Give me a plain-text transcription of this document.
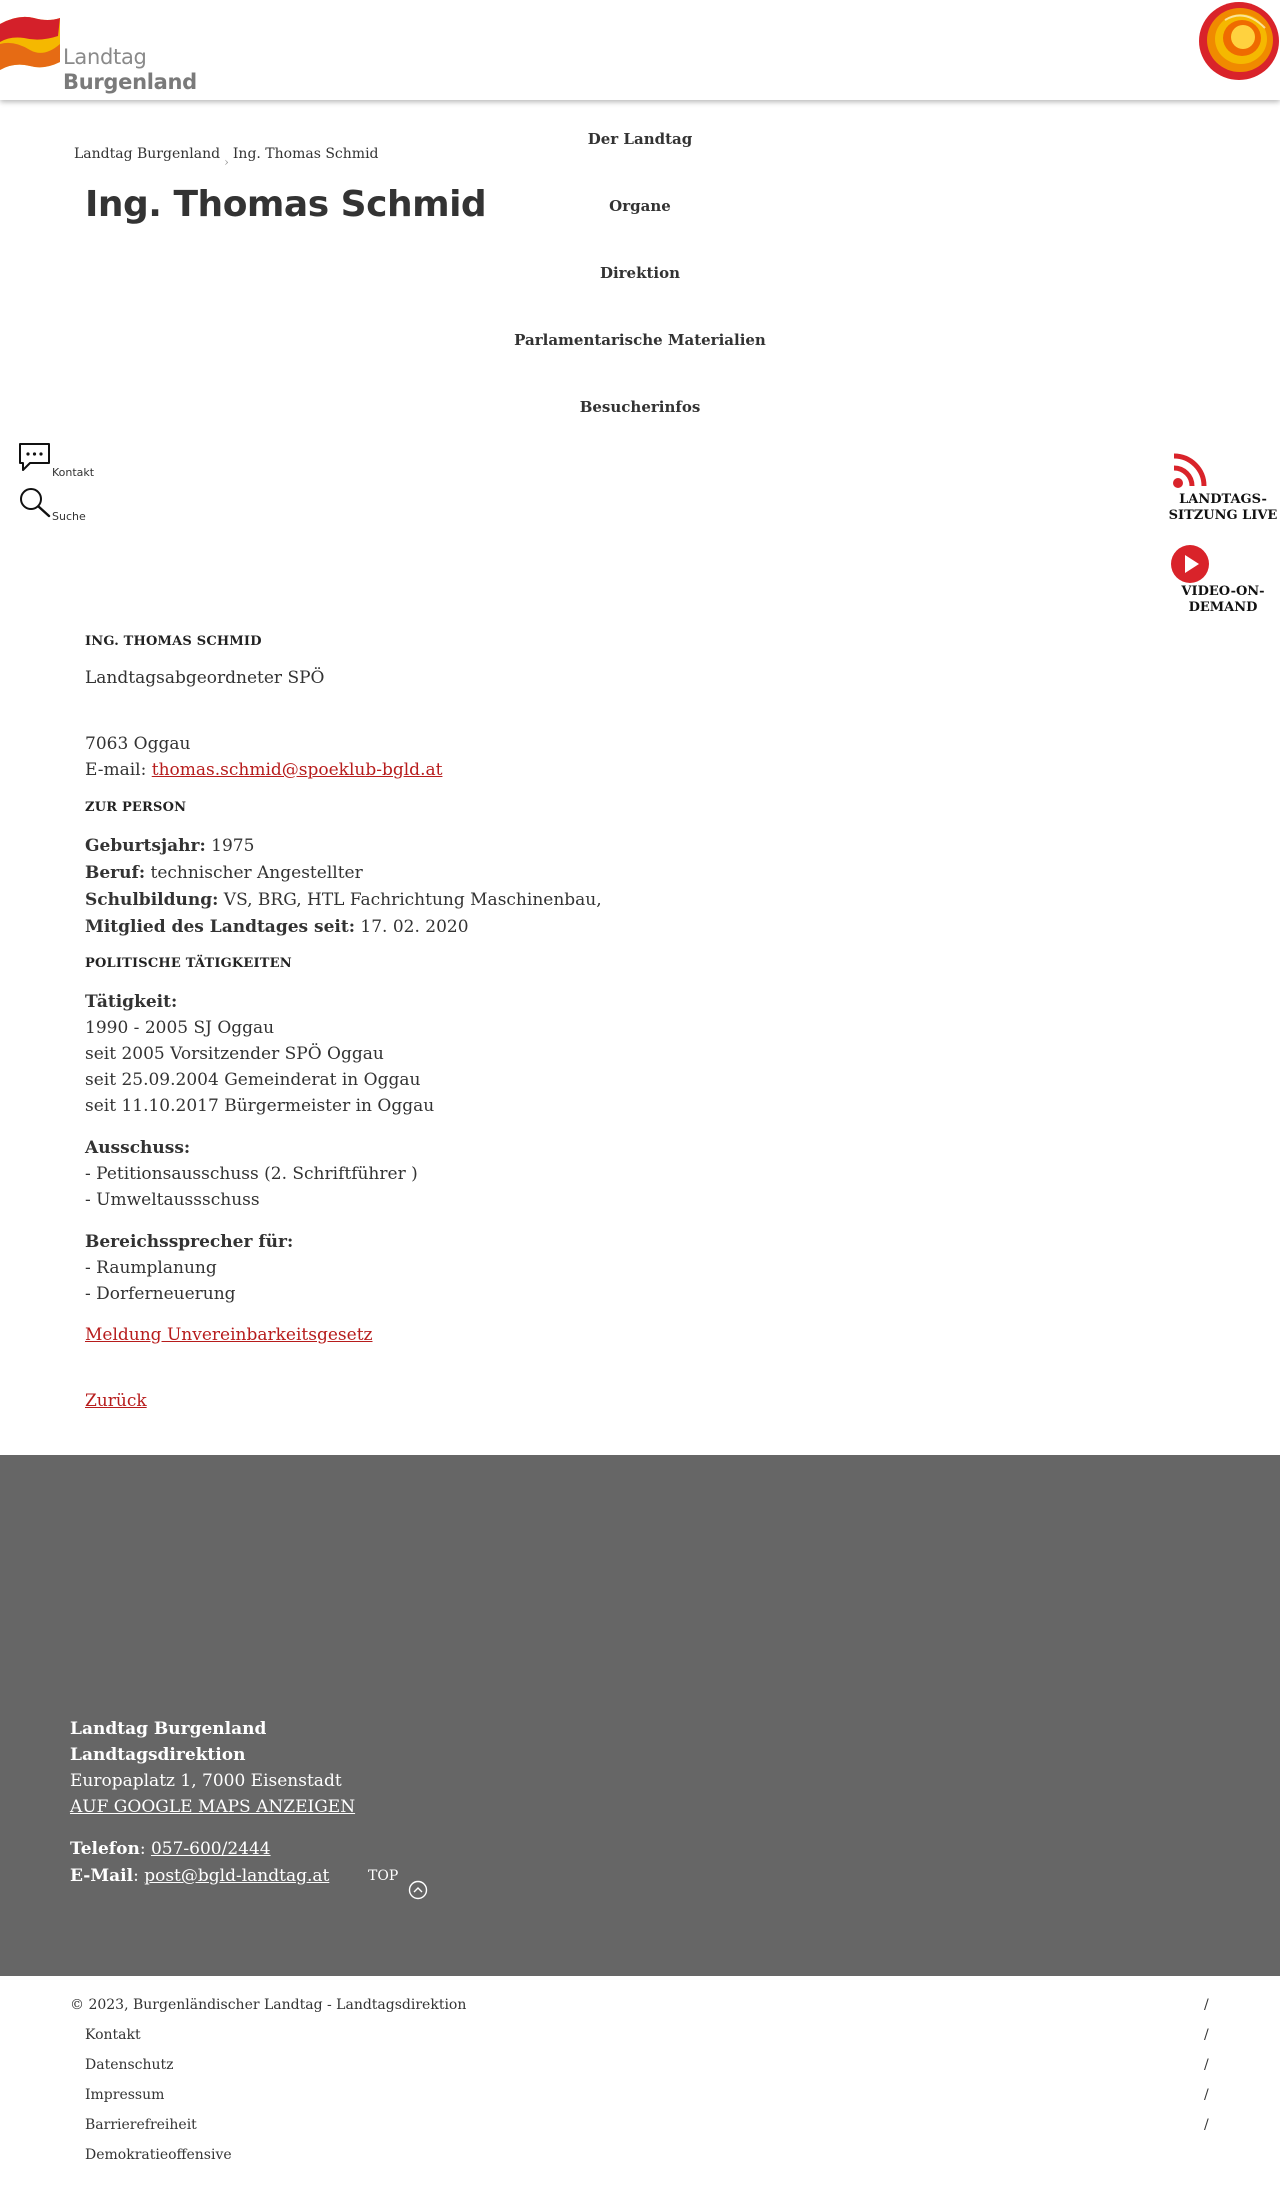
Landtag
Burgenland
Landtag Burgenland › Ing. Thomas Schmid
Ing. Thomas Schmid
Der Landtag
Organe
Direktion
Parlamentarische Materialien
Besucherinfos
Kontakt
Suche
LANDTAGS-
SITZUNG LIVE
VIDEO-ON-
DEMAND
ING. THOMAS SCHMID
Landtagsabgeordneter SPÖ
7063 Oggau
E-mail: thomas.schmid@spoeklub-bgld.at
ZUR PERSON
Geburtsjahr: 1975
Beruf: technischer Angestellter
Schulbildung: VS, BRG, HTL Fachrichtung Maschinenbau,
Mitglied des Landtages seit: 17. 02. 2020
POLITISCHE TÄTIGKEITEN
Tätigkeit:
1990 - 2005 SJ Oggau
seit 2005 Vorsitzender SPÖ Oggau
seit 25.09.2004 Gemeinderat in Oggau
seit 11.10.2017 Bürgermeister in Oggau
Ausschuss:
- Petitionsausschuss (2. Schriftführer )
- Umweltaussschuss
Bereichssprecher für:
- Raumplanung
- Dorferneuerung
Meldung Unvereinbarkeitsgesetz
Zurück
Landtag Burgenland
Landtagsdirektion
Europaplatz 1, 7000 Eisenstadt
AUF GOOGLE MAPS ANZEIGEN
Telefon: 057-600/2444
E-Mail: post@bgld-landtag.at	TOP
© 2023, Burgenländischer Landtag - Landtagsdirektion	/
Kontakt	/
Datenschutz	/
Impressum	/
Barrierefreiheit	/
Demokratieoffensive
